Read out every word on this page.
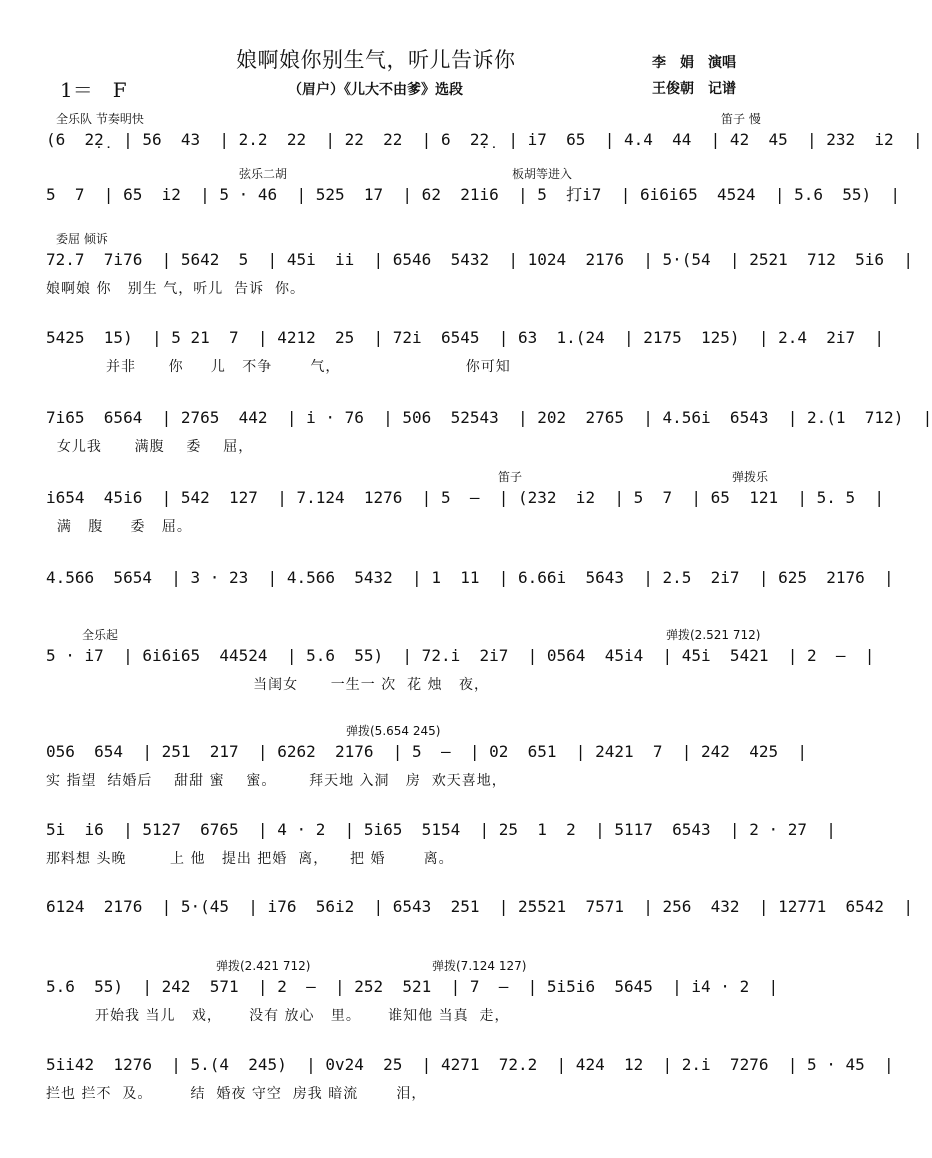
娘啊娘你别生气，听儿告诉你
（眉户）《儿大不由爹》选段
1＝　F
李　娟　演唱
王俊朝　记谱
(6  2̣2̣  | 56  43  | 2.2  22  | 22  22  | 6  2̣2̣  | i7  65  | 4.4  44  | 42  45  | 232  i2  |
全乐队 节奏明快	笛子 慢
5  7  | 65  i2  | 5 · 46  | 525  17  | 62  21i6  | 5  打i7  | 6i6i65  4524  | 5.6  55)  |
弦乐二胡	板胡等进入
72.7  7i76  | 5642  5  | 45i  ii  | 6546  5432  | 1024  2176  | 5·(54  | 2521  712  5i6  |
娘啊娘 你   别生 气，听儿  告诉  你。
委屈 倾诉
5425  15)  | 5 21  7  | 4212  25  | 72i  6545  | 63  1.(24  | 2175  125)  | 2.4  2i7  |
并非      你     儿   不争       气，                       你可知
7i65  6564  | 2765  442  | i · 76  | 506  52543  | 202  2765  | 4.56i  6543  | 2.(1  712)  |
女儿我      满腹    委    屈，
i654  45i6  | 542  127  | 7.124  1276  | 5  —  | (232  i2  | 5  7  | 65  121  | 5. 5  |
满   腹     委   屈。
笛子	弹拨乐
4.566  5654  | 3 · 23  | 4.566  5432  | 1  11  | 6.66i  5643  | 2.5  2i7  | 625  2176  |
5 · i7  | 6i6i65  44524  | 5.6  55)  | 72.i  2i7  | 0564  45i4  | 45i  5421  | 2  —  |
当闺女      一生一 次  花 烛   夜，
全乐起	弹拨(2.521 712)
056  654  | 251  217  | 6262  2176  | 5  —  | 02  651  | 2421  7  | 242  425  |
实 指望  结婚后    甜甜 蜜    蜜。      拜天地 入洞   房  欢天喜地，
弹拨(5.654 245)
5i  i6  | 5127  6765  | 4 · 2  | 5i65  5154  | 25  1  2  | 5117  6543  | 2 · 27  |
那料想 头晚        上 他   提出 把婚  离，    把 婚       离。
6124  2176  | 5·(45  | i76  56i2  | 6543  251  | 25521  7571  | 256  432  | 12771  6542  |
5.6  55)  | 242  571  | 2  —  | 252  521  | 7  —  | 5i5i6  5645  | i4 · 2  |
开始我 当儿   戏，     没有 放心   里。     谁知他 当真  走，
弹拨(2.421 712)	弹拨(7.124 127)
5ii42  1276  | 5.(4  245)  | 0v24  25  | 4271  72.2  | 424  12  | 2.i  7276  | 5 · 45  |
拦也 拦不  及。       结  婚夜 守空  房我 暗流       泪，
